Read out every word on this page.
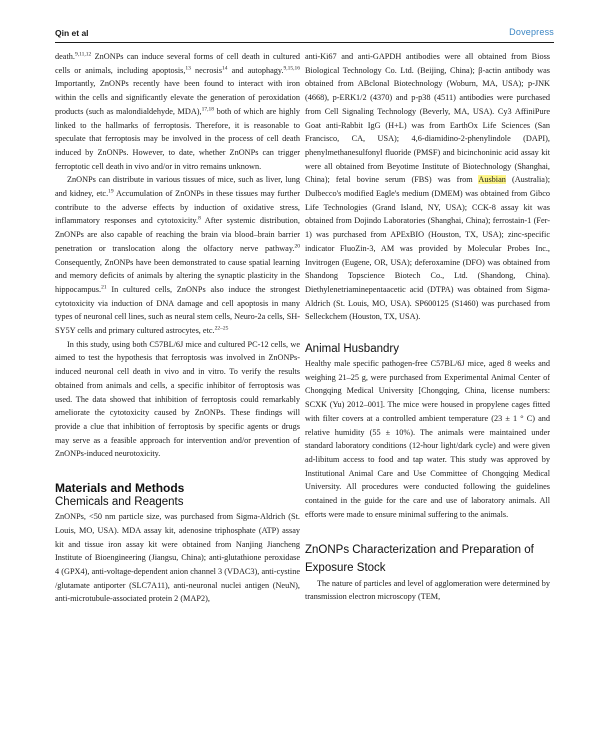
Qin et al	Dovepress

death.$^{9,11,12}$ ZnONPs can induce several forms of cell death in cultured cells or animals, including apoptosis,$^{13}$ necrosis$^{14}$ and autophagy.$^{9,15,16}$ Importantly, ZnONPs recently have been found to interact with iron within the cells and significantly elevate the generation of peroxidation products (such as malondialdehyde, MDA),$^{17,18}$ both of which are highly linked to the hallmarks of ferroptosis. Therefore, it is reasonable to speculate that ferroptosis may be involved in the process of cell death induced by ZnONPs. However, to date, whether ZnONPs can trigger ferroptotic cell death in vivo and/or in vitro remains unknown.

ZnONPs can distribute in various tissues of mice, such as liver, lung and kidney, etc.$^{19}$ Accumulation of ZnONPs in these tissues may further contribute to the adverse effects by induction of oxidative stress, inflammatory responses and cytotoxicity.$^8$ After systemic distribution, ZnONPs are also capable of reaching the brain via blood–brain barrier penetration or translocation along the olfactory nerve pathway.$^{20}$ Consequently, ZnONPs have been demonstrated to cause spatial learning and memory deficits of animals by altering the synaptic plasticity in the hippocampus.$^{21}$ In cultured cells, ZnONPs also induce the strongest cytotoxicity via induction of DNA damage and cell apoptosis in many types of neuronal cell lines, such as neural stem cells, Neuro-2a cells, SH-SY5Y cells and primary cultured astrocytes, etc.$^{22-25}$

In this study, using both C57BL/6J mice and cultured PC-12 cells, we aimed to test the hypothesis that ferroptosis was involved in ZnONPs-induced neuronal cell death in vivo and in vitro. To verify the results obtained from animals and cells, a specific inhibitor of ferroptosis was used. The data showed that inhibition of ferroptosis could remarkably ameliorate the cytotoxicity caused by ZnONPs. These findings will provide a clue that inhibition of ferroptosis by specific agents or drugs may serve as a feasible approach for intervention and/or prevention of ZnONPs-induced neurotoxicity.

Materials and Methods

Chemicals and Reagents

ZnONPs, <50 nm particle size, was purchased from Sigma-Aldrich (St. Louis, MO, USA). MDA assay kit, adenosine triphosphate (ATP) assay kit and tissue iron assay kit were obtained from Nanjing Jiancheng Institute of Bioengineering (Jiangsu, China); anti-glutathione peroxidase 4 (GPX4), anti-voltage-dependent anion channel 3 (VDAC3), anti-cystine /glutamate antiporter (SLC7A11), anti-neuronal nuclei antigen (NeuN), anti-microtubule-associated protein 2 (MAP2),

anti-Ki67 and anti-GAPDH antibodies were all obtained from Bioss Biological Technology Co. Ltd. (Beijing, China); β-actin antibody was obtained from ABclonal Biotechnology (Woburn, MA, USA); p-JNK (4668), p-ERK1/2 (4370) and p-p38 (4511) antibodies were purchased from Cell Signaling Technology (Beverly, MA, USA). Cy3 AffiniPure Goat anti-Rabbit IgG (H+L) was from EarthOx Life Sciences (San Francisco, CA, USA); 4,6-diamidino-2-phenylindole (DAPI), phenylmethanesulfonyl fluoride (PMSF) and bicinchoninic acid assay kit were all obtained from Beyotime Institute of Biotechnology (Shanghai, China); fetal bovine serum (FBS) was from Ausbian (Australia); Dulbecco's modified Eagle's medium (DMEM) was obtained from Gibco Life Technologies (Grand Island, NY, USA); CCK-8 assay kit was obtained from Dojindo Laboratories (Shanghai, China); ferrostain-1 (Fer-1) was purchased from APExBIO (Houston, TX, USA); zinc-specific indicator FluoZin-3, AM was provided by Molecular Probes Inc., Invitrogen (Eugene, OR, USA); deferoxamine (DFO) was obtained from Shandong Topscience Biotech Co., Ltd. (Shandong, China). Diethylenetriaminepentaacetic acid (DTPA) was obtained from Sigma-Aldrich (St. Louis, MO, USA). SP600125 (S1460) was purchased from Selleckchem (Houston, TX, USA).

Animal Husbandry

Healthy male specific pathogen-free C57BL/6J mice, aged 8 weeks and weighing 21–25 g, were purchased from Experimental Animal Center of Chongqing Medical University [Chongqing, China, license numbers: SCXK (Yu) 2012–001]. The mice were housed in propylene cages fitted with filter covers at a controlled ambient temperature (23 ± 1 ° C) and relative humidity (55 ± 10%). The animals were maintained under standard laboratory conditions (12-hour light/dark cycle) and were given ad-libitum access to food and tap water. This study was approved by Institutional Animal Care and Use Committee of Chongqing Medical University. All procedures were conducted following the guidelines contained in the guide for the care and use of laboratory animals. All efforts were made to ensure minimal suffering to the animals.

ZnONPs Characterization and Preparation of Exposure Stock

The nature of particles and level of agglomeration were determined by transmission electron microscopy (TEM,
